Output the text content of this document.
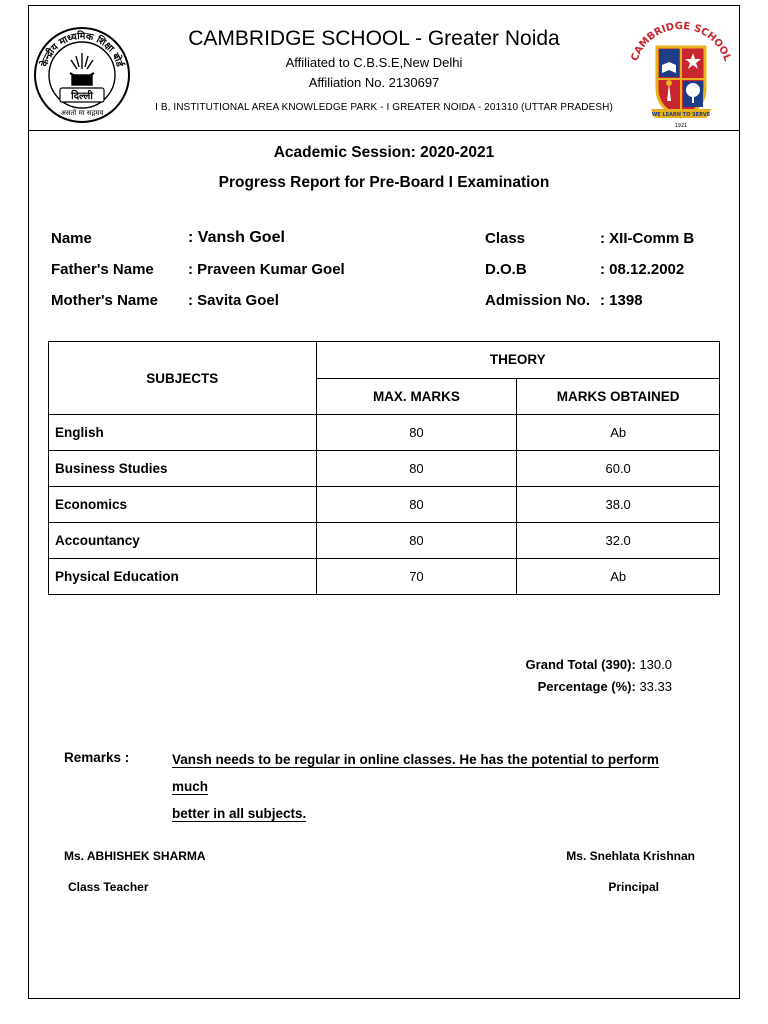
केन्द्रीय माध्यमिक शिक्षा बोर्ड
दिल्ली
असतो मा सद्गमय
CAMBRIDGE SCHOOL
WE LEARN TO SERVE
1921
CAMBRIDGE SCHOOL - Greater Noida
Affiliated to C.B.S.E,New Delhi
Affiliation No. 2130697
I B, INSTITUTIONAL AREA KNOWLEDGE PARK - I GREATER NOIDA - 201310 (UTTAR PRADESH)
Academic Session: 2020-2021
Progress Report for Pre-Board I Examination
Name	: Vansh Goel
Father's Name : Praveen Kumar Goel
Mother's Name : Savita Goel
Class	: XII-Comm B
D.O.B	: 08.12.2002
Admission No. : 1398
SUBJECTS	THEORY	
	MAX. MARKS	MARKS OBTAINED
English	80	Ab
Business Studies	80	60.0
Economics	80	38.0
Accountancy	80	32.0
Physical Education	70	Ab
Grand Total (390): 130.0
Percentage (%): 33.33
Remarks :	Vansh needs to be regular in online classes. He has the potential to perform much
better in all subjects.
Ms. ABHISHEK SHARMA
Class Teacher
Ms. Snehlata Krishnan
Principal
